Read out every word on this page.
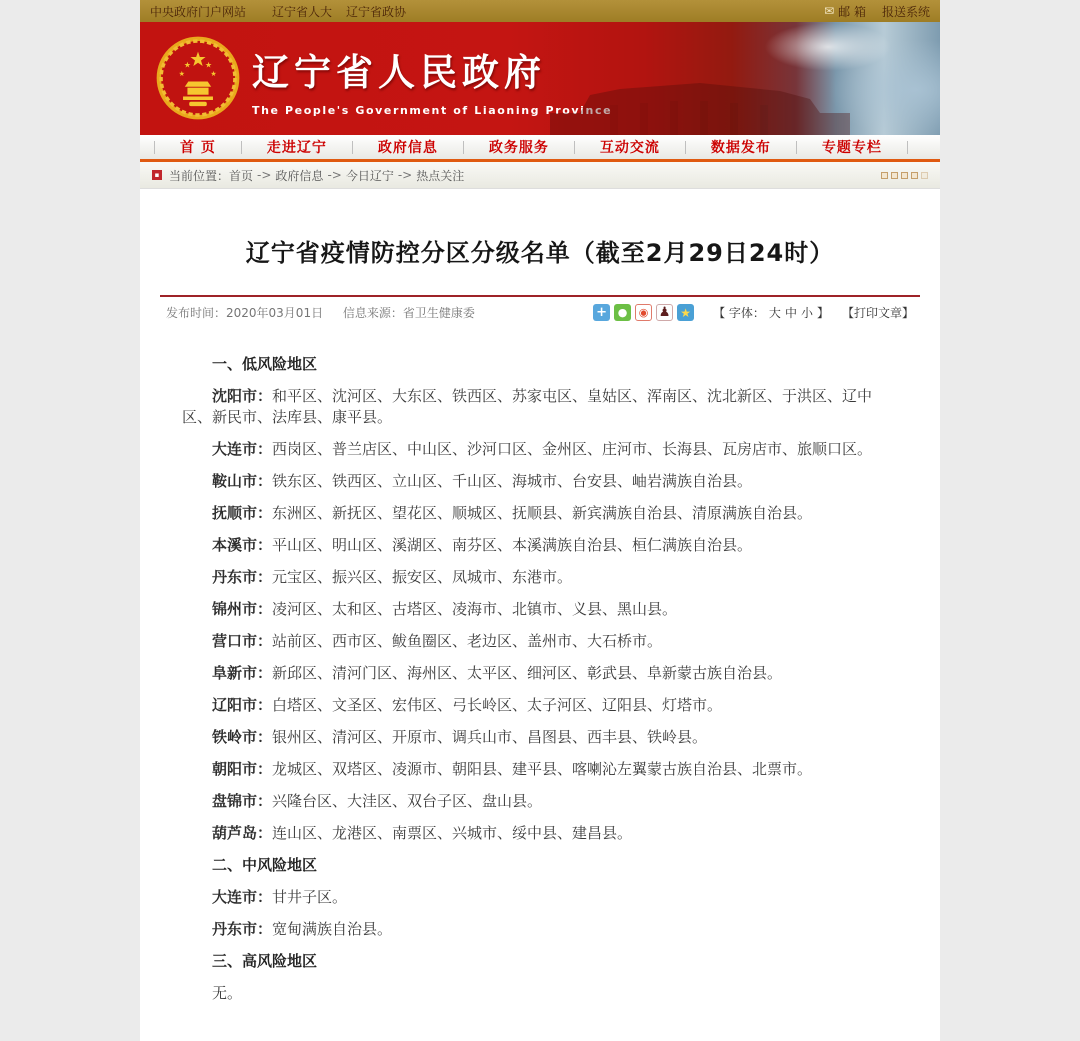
中央政府门户网站 辽宁省人大 辽宁省政协	✉ 邮 箱 报送系统
★ ★
★	★ 辽宁省人民政府
The People's Government of Liaoning Province
首 页	走进辽宁	政府信息	政务服务	互动交流	数据发布	专题专栏
▪ 当前位置： 首页 -> 政府信息 -> 今日辽宁 -> 热点关注
辽宁省疫情防控分区分级名单（截至2月29日24时）
发布时间：2020年03月01日 信息来源：省卫生健康委	+ ●	◉ ♟ ★ 【 字体： 大 中 小 】 【打印文章】

一、低风险地区

沈阳市：和平区、沈河区、大东区、铁西区、苏家屯区、皇姑区、浑南区、沈北新区、于洪区、辽中区、新民市、法库县、康平县。

大连市：西岗区、普兰店区、中山区、沙河口区、金州区、庄河市、长海县、瓦房店市、旅顺口区。

鞍山市：铁东区、铁西区、立山区、千山区、海城市、台安县、岫岩满族自治县。

抚顺市：东洲区、新抚区、望花区、顺城区、抚顺县、新宾满族自治县、清原满族自治县。

本溪市：平山区、明山区、溪湖区、南芬区、本溪满族自治县、桓仁满族自治县。

丹东市：元宝区、振兴区、振安区、凤城市、东港市。

锦州市：凌河区、太和区、古塔区、凌海市、北镇市、义县、黑山县。

营口市：站前区、西市区、鲅鱼圈区、老边区、盖州市、大石桥市。

阜新市：新邱区、清河门区、海州区、太平区、细河区、彰武县、阜新蒙古族自治县。

辽阳市：白塔区、文圣区、宏伟区、弓长岭区、太子河区、辽阳县、灯塔市。

铁岭市：银州区、清河区、开原市、调兵山市、昌图县、西丰县、铁岭县。

朝阳市：龙城区、双塔区、凌源市、朝阳县、建平县、喀喇沁左翼蒙古族自治县、北票市。

盘锦市：兴隆台区、大洼区、双台子区、盘山县。

葫芦岛：连山区、龙港区、南票区、兴城市、绥中县、建昌县。

二、中风险地区

大连市：甘井子区。

丹东市：宽甸满族自治县。

三、高风险地区

无。
